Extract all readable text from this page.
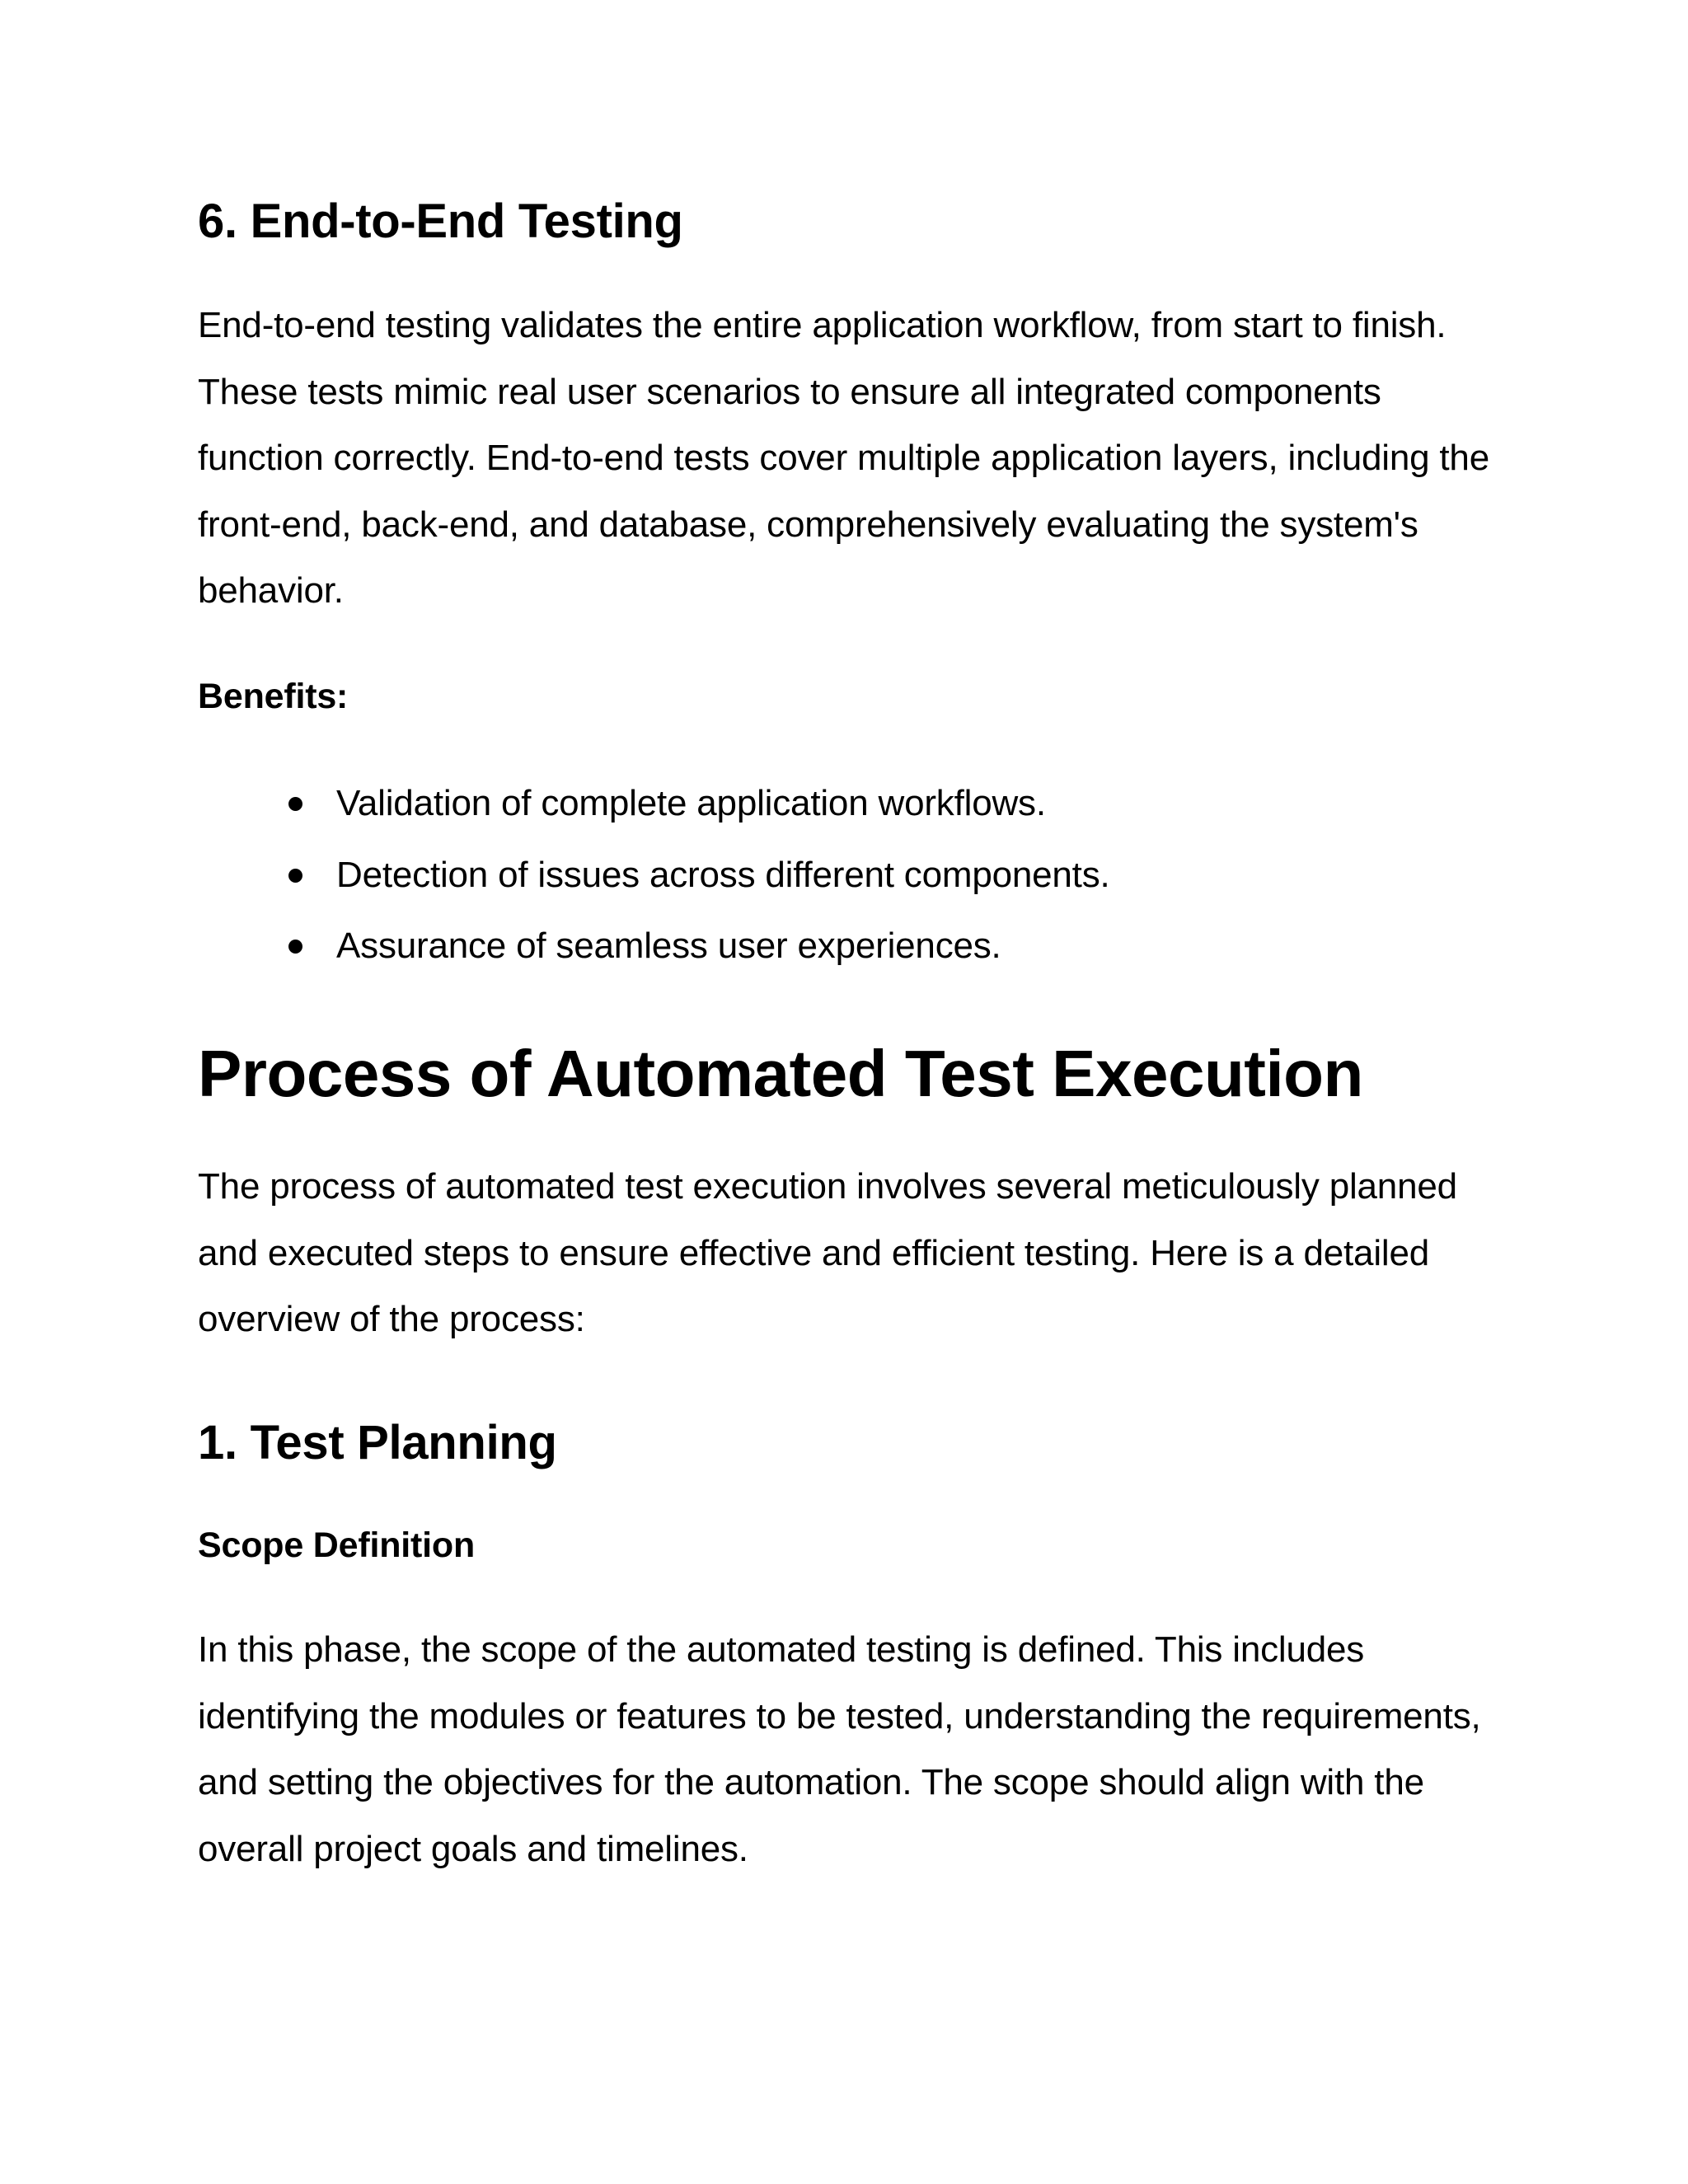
6. End-to-End Testing

End-to-end testing validates the entire application workflow, from start to finish. These tests mimic real user scenarios to ensure all integrated components function correctly. End-to-end tests cover multiple application layers, including the front-end, back-end, and database, comprehensively evaluating the system's behavior.

Benefits:

Validation of complete application workflows.
Detection of issues across different components.
Assurance of seamless user experiences.
Process of Automated Test Execution

The process of automated test execution involves several meticulously planned and executed steps to ensure effective and efficient testing. Here is a detailed overview of the process:

1. Test Planning

Scope Definition

In this phase, the scope of the automated testing is defined. This includes identifying the modules or features to be tested, understanding the requirements, and setting the objectives for the automation. The scope should align with the overall project goals and timelines.
